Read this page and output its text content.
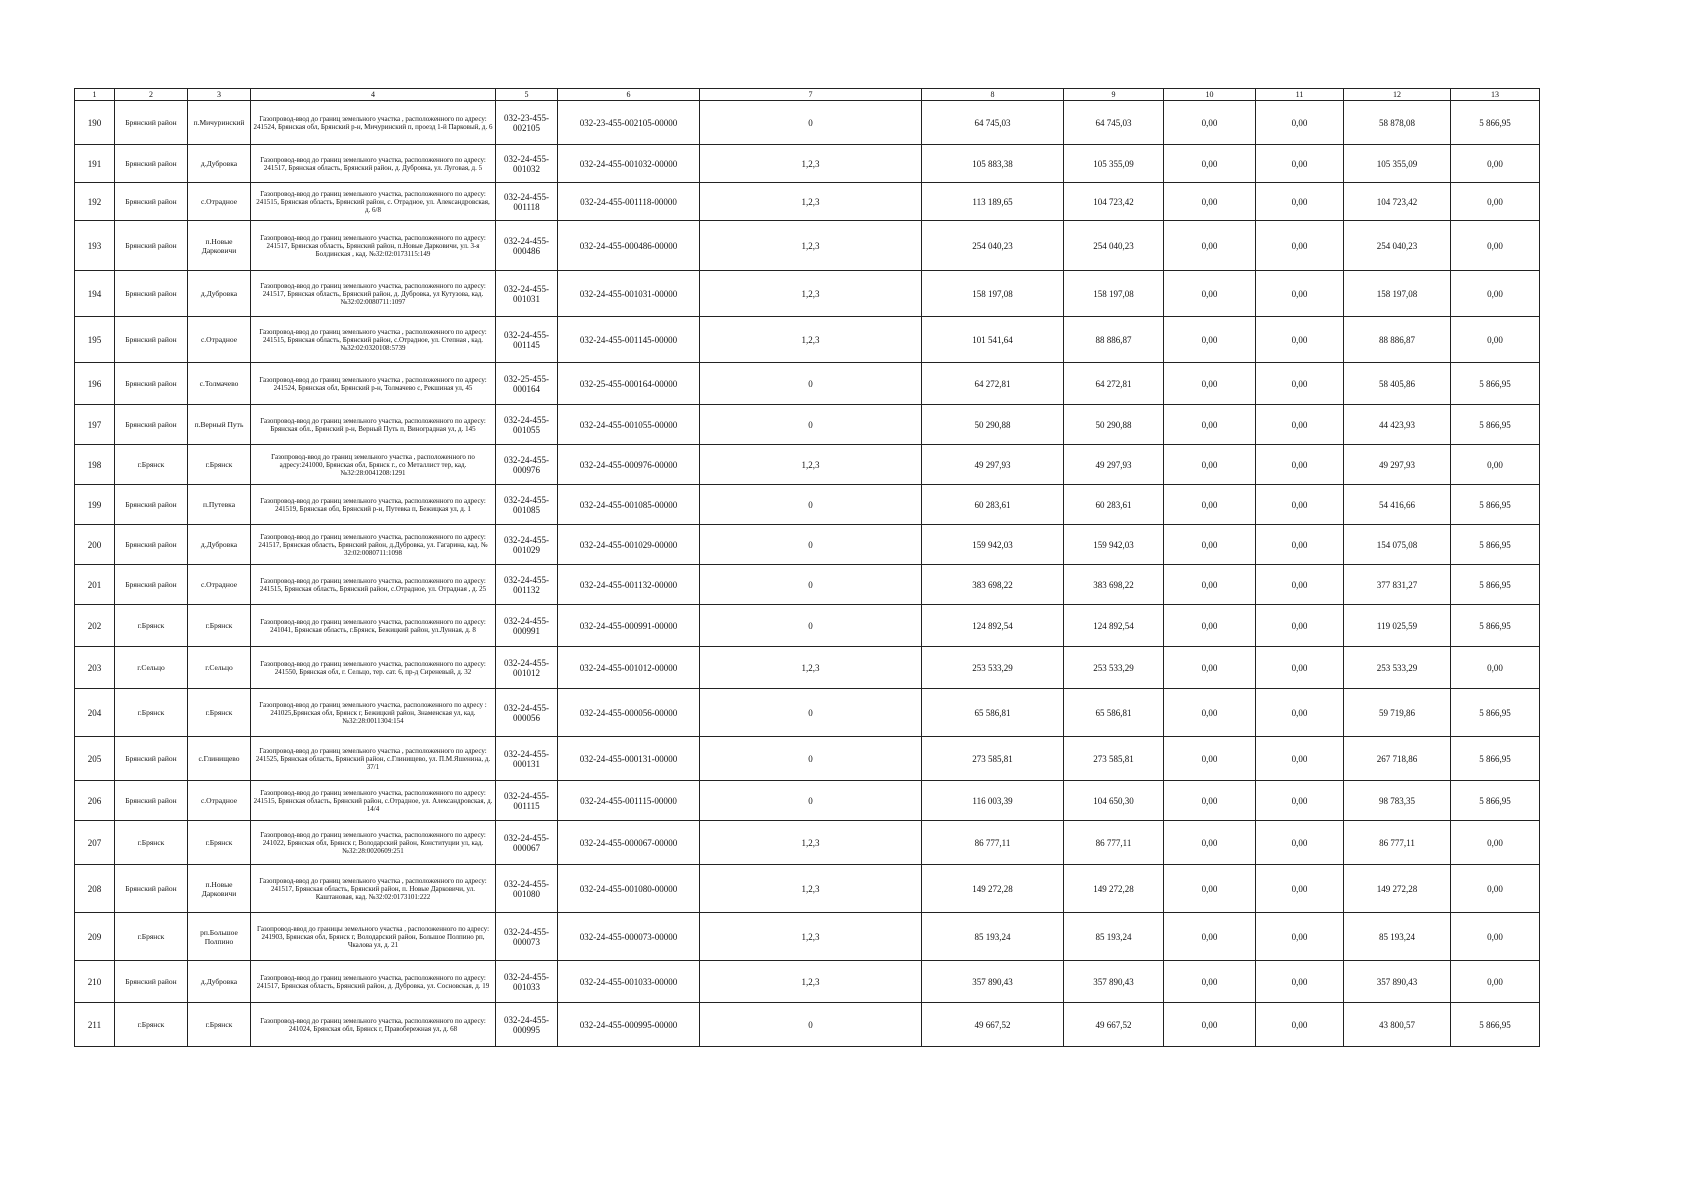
1	2	3	4	5	6	7	8	9	10	11	12	13
190	Брянский район	п.Мичуринский	Газопровод-ввод до границ земельного участка , расположенного по адресу: 241524, Брянская обл, Брянский р-н, Мичуринский п, проезд 1-й Парковый, д. 6	032-23-455-002105	032-23-455-002105-00000	0	64 745,03	64 745,03	0,00	0,00	58 878,08	5 866,95
191	Брянский район	д.Дубровка	Газопровод-ввод до границ земельного участка, расположенного по адресу: 241517, Брянская область, Брянский район, д. Дубровка, ул. Луговая, д. 5	032-24-455-001032	032-24-455-001032-00000	1,2,3	105 883,38	105 355,09	0,00	0,00	105 355,09	0,00
192	Брянский район	с.Отрадное	Газопровод-ввод до границ земельного участка, расположенного по адресу: 241515, Брянская область, Брянский район, с. Отрадное, ул. Александровская, д. 6/8	032-24-455-001118	032-24-455-001118-00000	1,2,3	113 189,65	104 723,42	0,00	0,00	104 723,42	0,00
193	Брянский район	п.Новые Дарковичи	Газопровод-ввод до границ земельного участка, расположенного по адресу: 241517, Брянская область, Брянский район, п.Новые Дарковичи, ул. 3-я Болдинская , кад. №32:02:0173115:149	032-24-455-000486	032-24-455-000486-00000	1,2,3	254 040,23	254 040,23	0,00	0,00	254 040,23	0,00
194	Брянский район	д.Дубровка	Газопровод-ввод до границ земельного участка, расположенного по адресу: 241517, Брянская область, Брянский район, д. Дубровка, ул Кутузова, кад. №32:02:0080711:1097	032-24-455-001031	032-24-455-001031-00000	1,2,3	158 197,08	158 197,08	0,00	0,00	158 197,08	0,00
195	Брянский район	с.Отрадное	Газопровод-ввод до границ земельного участка , расположенного по адресу: 241515, Брянская область, Брянский район, с.Отрадное, ул. Степная , кад. №32:02:0320108:5739	032-24-455-001145	032-24-455-001145-00000	1,2,3	101 541,64	88 886,87	0,00	0,00	88 886,87	0,00
196	Брянский район	с.Толмачево	Газопровод-ввод до границ земельного участка , расположенного по адресу: 241524, Брянская обл, Брянский р-н, Толмачево с, Рекшиная ул, 45	032-25-455-000164	032-25-455-000164-00000	0	64 272,81	64 272,81	0,00	0,00	58 405,86	5 866,95
197	Брянский район	п.Верный Путь	Газопровод-ввод до границ земельного участка, расположенного по адресу: Брянская обл., Брянский р-н, Верный Путь п, Виноградная ул, д. 145	032-24-455-001055	032-24-455-001055-00000	0	50 290,88	50 290,88	0,00	0,00	44 423,93	5 866,95
198	г.Брянск	г.Брянск	Газопровод-ввод до границ земельного участка , расположенного по адресу:241000, Брянская обл, Брянск г., со Металлист тер, кад. №32:28:0041208:1291	032-24-455-000976	032-24-455-000976-00000	1,2,3	49 297,93	49 297,93	0,00	0,00	49 297,93	0,00
199	Брянский район	п.Путевка	Газопровод-ввод до границ земельного участка, расположенного по адресу: 241519, Брянская обл, Брянский р-н, Путевка п, Бежицкая ул, д. 1	032-24-455-001085	032-24-455-001085-00000	0	60 283,61	60 283,61	0,00	0,00	54 416,66	5 866,95
200	Брянский район	д.Дубровка	Газопровод-ввод до границ земельного участка, расположенного по адресу: 241517, Брянская область, Брянский район, д.Дубровка, ул. Гагарина, кад. № 32:02:0080711:1098	032-24-455-001029	032-24-455-001029-00000	0	159 942,03	159 942,03	0,00	0,00	154 075,08	5 866,95
201	Брянский район	с.Отрадное	Газопровод-ввод до границ земельного участка, расположенного по адресу: 241515, Брянская область, Брянский район, с.Отрадное, ул. Отрадная , д. 25	032-24-455-001132	032-24-455-001132-00000	0	383 698,22	383 698,22	0,00	0,00	377 831,27	5 866,95
202	г.Брянск	г.Брянск	Газопровод-ввод до границ земельного участка, расположенного по адресу: 241041, Брянская область, г.Брянск, Бежицкий район, ул.Лунная, д. 8	032-24-455-000991	032-24-455-000991-00000	0	124 892,54	124 892,54	0,00	0,00	119 025,59	5 866,95
203	г.Сельцо	г.Сельцо	Газопровод-ввод до границ земельного участка, расположенного по адресу: 241550, Брянская обл, г. Сельцо, тер. сат. 6, пр-д Сиреневый, д. 32	032-24-455-001012	032-24-455-001012-00000	1,2,3	253 533,29	253 533,29	0,00	0,00	253 533,29	0,00
204	г.Брянск	г.Брянск	Газопровод-ввод до границ земельного участка, расположенного по адресу : 241025,Брянская обл, Брянск г, Бежицкий район, Знаменская ул, кад. №32:28:0011304:154	032-24-455-000056	032-24-455-000056-00000	0	65 586,81	65 586,81	0,00	0,00	59 719,86	5 866,95
205	Брянский район	с.Глинищево	Газопровод-ввод до границ земельного участка , расположенного по адресу: 241525, Брянская область, Брянский район, с.Глинищево, ул. П.М.Яшенина, д. 37/1	032-24-455-000131	032-24-455-000131-00000	0	273 585,81	273 585,81	0,00	0,00	267 718,86	5 866,95
206	Брянский район	с.Отрадное	Газопровод-ввод до границ земельного участка, расположенного по адресу: 241515, Брянская область, Брянский район, с.Отрадное, ул. Александровская, д. 14/4	032-24-455-001115	032-24-455-001115-00000	0	116 003,39	104 650,30	0,00	0,00	98 783,35	5 866,95
207	г.Брянск	г.Брянск	Газопровод-ввод до границ земельного участка, расположенного по адресу: 241022, Брянская обл, Брянск г, Володарский район, Конституции ул, кад. №32:28:0020609:251	032-24-455-000067	032-24-455-000067-00000	1,2,3	86 777,11	86 777,11	0,00	0,00	86 777,11	0,00
208	Брянский район	п.Новые Дарковичи	Газопровод-ввод до границ земельного участка , расположенного по адресу: 241517, Брянская область, Брянский район, п. Новые Дарковичи, ул. Каштановая, кад. №32:02:0173101:222	032-24-455-001080	032-24-455-001080-00000	1,2,3	149 272,28	149 272,28	0,00	0,00	149 272,28	0,00
209	г.Брянск	рп.Большое Полпино	Газопровод-ввод до границы земельного участка , расположенного по адресу: 241903, Брянская обл, Брянск г, Володарский район, Большое Полпино рп, Чкалова ул, д. 21	032-24-455-000073	032-24-455-000073-00000	1,2,3	85 193,24	85 193,24	0,00	0,00	85 193,24	0,00
210	Брянский район	д.Дубровка	Газопровод-ввод до границ земельного участка, расположенного по адресу: 241517, Брянская область, Брянский район, д. Дубровка, ул. Сосновская, д. 19	032-24-455-001033	032-24-455-001033-00000	1,2,3	357 890,43	357 890,43	0,00	0,00	357 890,43	0,00
211	г.Брянск	г.Брянск	Газопровод-ввод до границ земельного участка, расположенного по адресу: 241024, Брянская обл, Брянск г, Правобережная ул, д. 68	032-24-455-000995	032-24-455-000995-00000	0	49 667,52	49 667,52	0,00	0,00	43 800,57	5 866,95
